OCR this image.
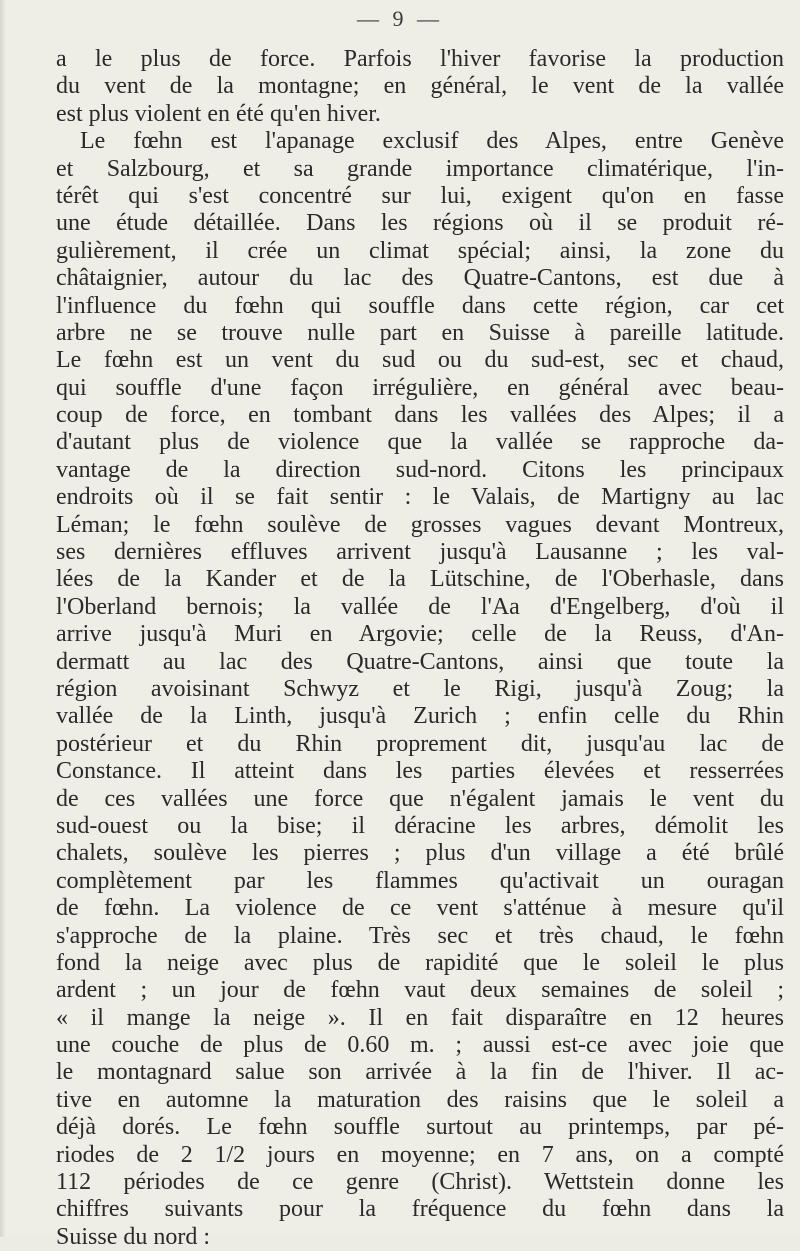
— 9 —
a le plus de force. Parfois l'hiver favorise la production
du vent de la montagne; en général, le vent de la vallée
est plus violent en été qu'en hiver.
Le fœhn est l'apanage exclusif des Alpes, entre Genève
et Salzbourg, et sa grande importance climatérique, l'in-
térêt qui s'est concentré sur lui, exigent qu'on en fasse
une étude détaillée. Dans les régions où il se produit ré-
gulièrement, il crée un climat spécial; ainsi, la zone du
châtaignier, autour du lac des Quatre-Cantons, est due à
l'influence du fœhn qui souffle dans cette région, car cet
arbre ne se trouve nulle part en Suisse à pareille latitude.
Le fœhn est un vent du sud ou du sud-est, sec et chaud,
qui souffle d'une façon irrégulière, en général avec beau-
coup de force, en tombant dans les vallées des Alpes; il a
d'autant plus de violence que la vallée se rapproche da-
vantage de la direction sud-nord. Citons les principaux
endroits où il se fait sentir : le Valais, de Martigny au lac
Léman; le fœhn soulève de grosses vagues devant Montreux,
ses dernières effluves arrivent jusqu'à Lausanne ; les val-
lées de la Kander et de la Lütschine, de l'Oberhasle, dans
l'Oberland bernois; la vallée de l'Aa d'Engelberg, d'où il
arrive jusqu'à Muri en Argovie; celle de la Reuss, d'An-
dermatt au lac des Quatre-Cantons, ainsi que toute la
région avoisinant Schwyz et le Rigi, jusqu'à Zoug; la
vallée de la Linth, jusqu'à Zurich ; enfin celle du Rhin
postérieur et du Rhin proprement dit, jusqu'au lac de
Constance. Il atteint dans les parties élevées et resserrées
de ces vallées une force que n'égalent jamais le vent du
sud-ouest ou la bise; il déracine les arbres, démolit les
chalets, soulève les pierres ; plus d'un village a été brûlé
complètement par les flammes qu'activait un ouragan
de fœhn. La violence de ce vent s'atténue à mesure qu'il
s'approche de la plaine. Très sec et très chaud, le fœhn
fond la neige avec plus de rapidité que le soleil le plus
ardent ; un jour de fœhn vaut deux semaines de soleil ;
« il mange la neige ». Il en fait disparaître en 12 heures
une couche de plus de 0.60 m. ; aussi est-ce avec joie que
le montagnard salue son arrivée à la fin de l'hiver. Il ac-
tive en automne la maturation des raisins que le soleil a
déjà dorés. Le fœhn souffle surtout au printemps, par pé-
riodes de 2 1/2 jours en moyenne; en 7 ans, on a compté
112 périodes de ce genre (Christ). Wettstein donne les
chiffres suivants pour la fréquence du fœhn dans la
Suisse du nord :
